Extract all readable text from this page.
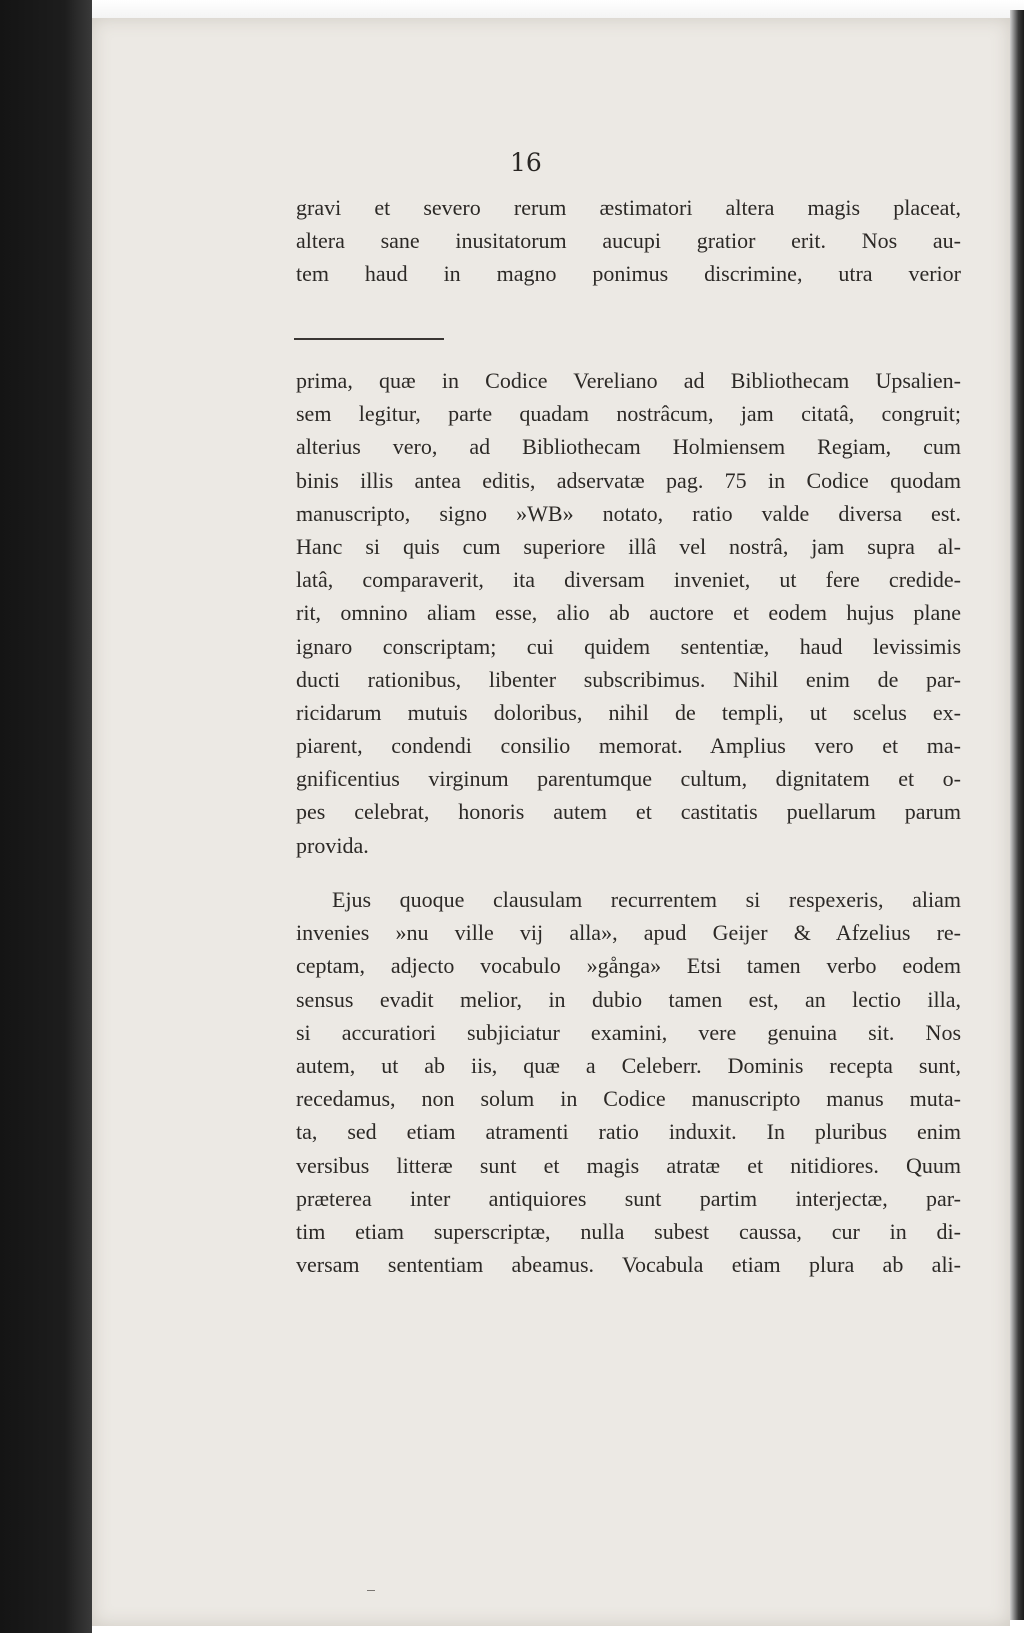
16
gravi et severo rerum æstimatori altera magis placeat,
altera sane inusitatorum aucupi gratior erit. Nos au-
tem haud in magno ponimus discrimine, utra verior
prima, quæ in Codice Vereliano ad Bibliothecam Upsalien-
sem legitur, parte quadam nostrâcum, jam citatâ, congruit;
alterius vero, ad Bibliothecam Holmiensem Regiam, cum
binis illis antea editis, adservatæ pag. 75 in Codice quodam
manuscripto, signo »WB» notato, ratio valde diversa est.
Hanc si quis cum superiore illâ vel nostrâ, jam supra al-
latâ, comparaverit, ita diversam inveniet, ut fere credide-
rit, omnino aliam esse, alio ab auctore et eodem hujus plane
ignaro conscriptam; cui quidem sententiæ, haud levissimis
ducti rationibus, libenter subscribimus. Nihil enim de par-
ricidarum mutuis doloribus, nihil de templi, ut scelus ex-
piarent, condendi consilio memorat. Amplius vero et ma-
gnificentius virginum parentumque cultum, dignitatem et o-
pes celebrat, honoris autem et castitatis puellarum parum
provida.
Ejus quoque clausulam recurrentem si respexeris, aliam
invenies »nu ville vij alla», apud Geijer & Afzelius re-
ceptam, adjecto vocabulo »gånga» Etsi tamen verbo eodem
sensus evadit melior, in dubio tamen est, an lectio illa,
si accuratiori subjiciatur examini, vere genuina sit. Nos
autem, ut ab iis, quæ a Celeberr. Dominis recepta sunt,
recedamus, non solum in Codice manuscripto manus muta-
ta, sed etiam atramenti ratio induxit. In pluribus enim
versibus litteræ sunt et magis atratæ et nitidiores. Quum
præterea inter antiquiores sunt partim interjectæ, par-
tim etiam superscriptæ, nulla subest caussa, cur in di-
versam sententiam abeamus. Vocabula etiam plura ab ali-
